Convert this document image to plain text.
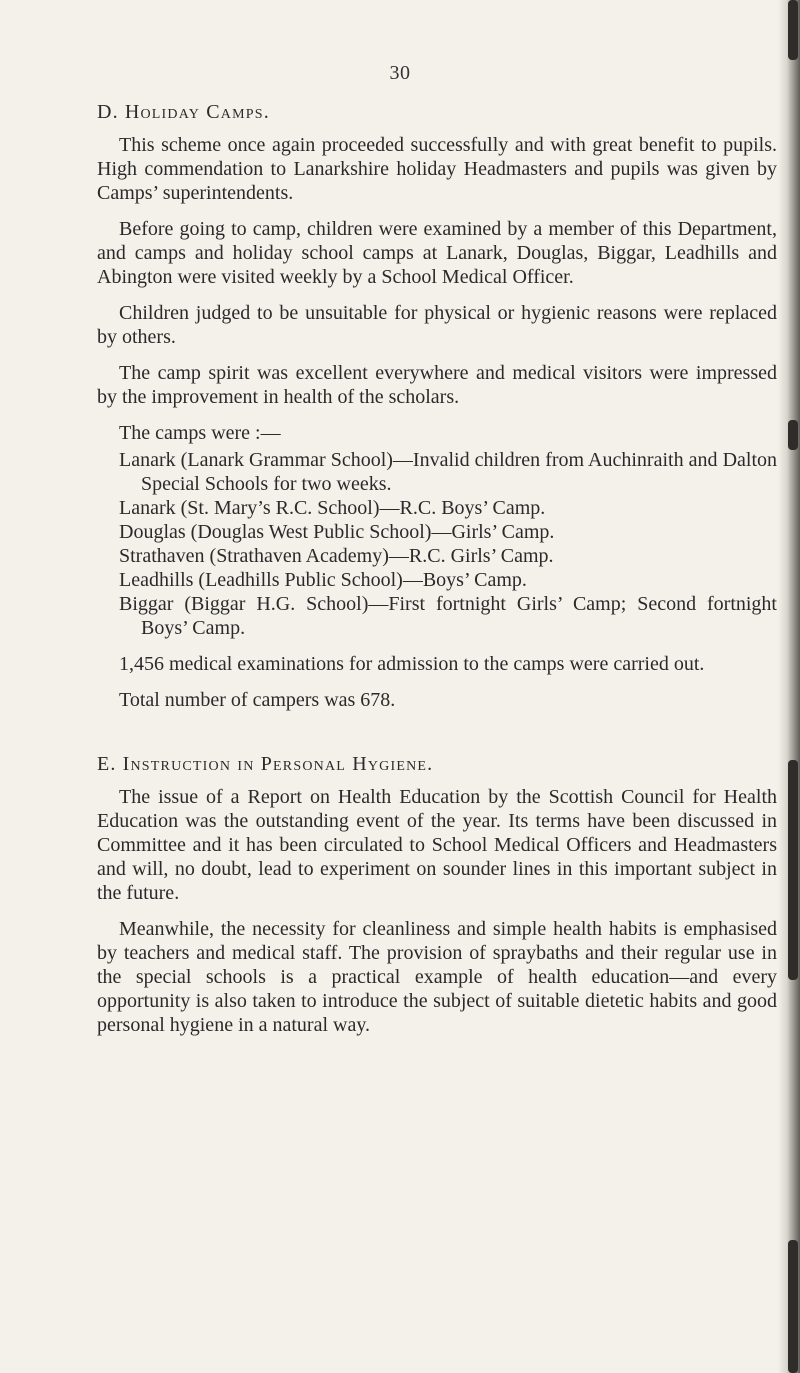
30
D. Holiday Camps.

This scheme once again proceeded successfully and with great benefit to pupils. High commendation to Lanarkshire holiday Headmasters and pupils was given by Camps’ superintendents.

Before going to camp, children were examined by a member of this Department, and camps and holiday school camps at Lanark, Douglas, Biggar, Leadhills and Abington were visited weekly by a School Medical Officer.

Children judged to be unsuitable for physical or hygienic reasons were replaced by others.

The camp spirit was excellent everywhere and medical visitors were impressed by the improvement in health of the scholars.

The camps were :—

Lanark (Lanark Grammar School)—Invalid children from Auchinraith and Dalton Special Schools for two weeks.
Lanark (St. Mary’s R.C. School)—R.C. Boys’ Camp.
Douglas (Douglas West Public School)—Girls’ Camp.
Strathaven (Strathaven Academy)—R.C. Girls’ Camp.
Leadhills (Leadhills Public School)—Boys’ Camp.
Biggar (Biggar H.G. School)—First fortnight Girls’ Camp; Second fortnight Boys’ Camp.

1,456 medical examinations for admission to the camps were carried out.

Total number of campers was 678.

E. Instruction in Personal Hygiene.

The issue of a Report on Health Education by the Scottish Council for Health Education was the outstanding event of the year. Its terms have been discussed in Committee and it has been circulated to School Medical Officers and Headmasters and will, no doubt, lead to experiment on sounder lines in this important subject in the future.

Meanwhile, the necessity for cleanliness and simple health habits is emphasised by teachers and medical staff. The provision of spraybaths and their regular use in the special schools is a practical example of health education—and every opportunity is also taken to introduce the subject of suitable dietetic habits and good personal hygiene in a natural way.
